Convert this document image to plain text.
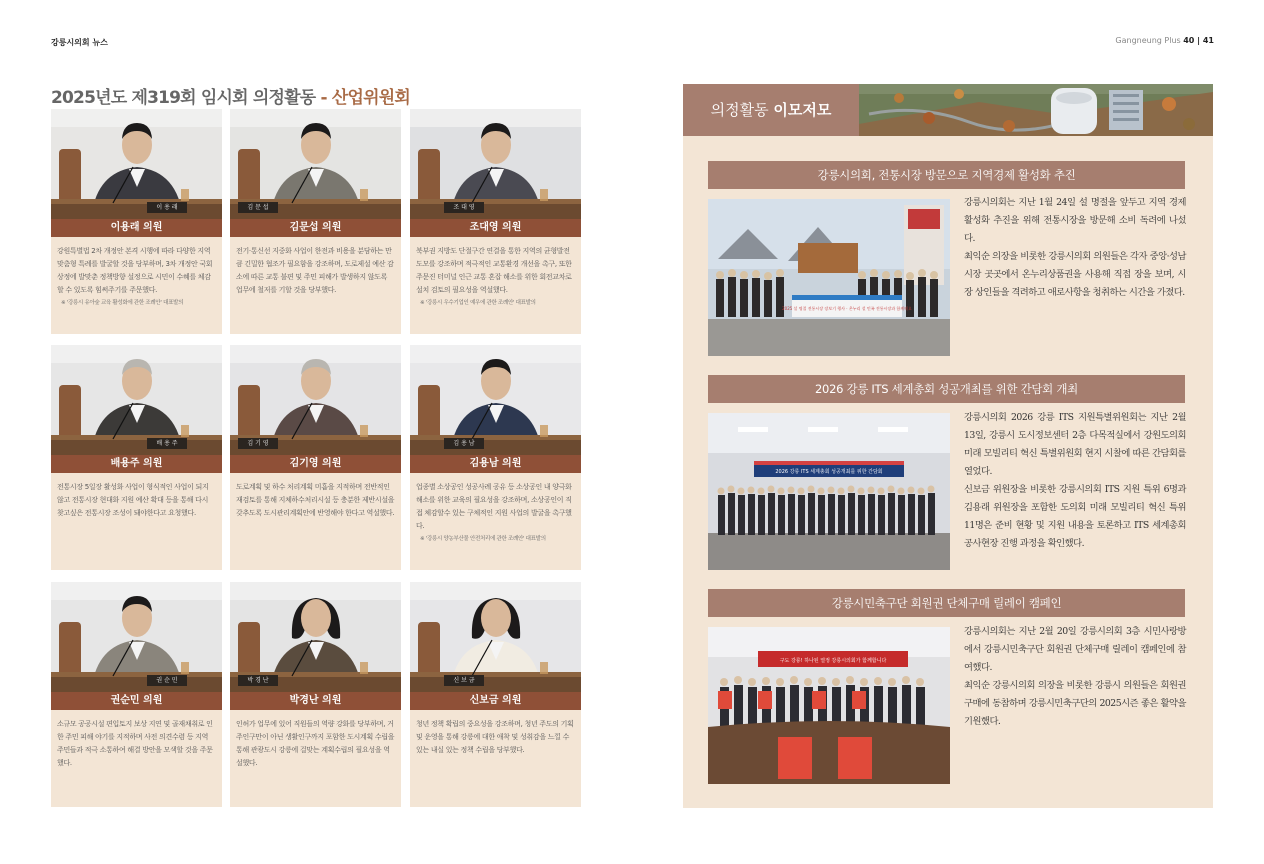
강릉시의회 뉴스	Gangneung Plus 40 | 41
2025년도 제319회 임시회 의정활동 - 산업위원회
이 용 래
이용래 의원
강원특별법 2차 개정안 본격 시행에 따라 다양한 지역맞춤형 특례를 발굴할 것을 당부하며, 3차 개정안 국회 상정에 발맞춘 정책방향 설정으로 시민이 수혜를 체감할 수 있도록 힘써주기를 주문했다.
※ '강릉시 유아숲 교육 활성화에 관한 조례안' 대표발의
김 문 섭
김문섭 의원
전기·통신선 지중화 사업이 한전과 비용을 분담하는 만큼 긴밀한 협조가 필요함을 강조하며, 도로제설 예산 감소에 따른 교통 불편 및 주민 피해가 발생하지 않도록 업무에 철저를 기할 것을 당부했다.
조 대 영
조대영 의원
북부권 지방도 단절구간 연결을 통한 지역의 균형발전 도모를 강조하며 적극적인 교통환경 개선을 촉구, 또한 주문진 터미널 인근 교통 혼잡 해소를 위한 회전교차로 설치 검토의 필요성을 역설했다.
※ '강릉시 우수기업인 예우에 관한 조례안' 대표발의
배 용 주
배용주 의원
전통시장 5일장 활성화 사업이 형식적인 사업이 되지 않고 전통시장 현대화 지원 예산 확대 등을 통해 다시 찾고싶은 전통시장 조성이 돼야한다고 요청했다.
김 기 영
김기영 의원
도로계획 및 하수 처리계획 미흡을 지적하며 전반적인 재검토를 통해 지체하수처리시설 등 충분한 제반시설을 갖추도록 도시관리계획안에 반영해야 한다고 역설했다.
김 용 남
김용남 의원
업종별 소상공인 성공사례 공유 등 소상공인 내 양극화 해소를 위한 교육의 필요성을 강조하며, 소상공인이 직접 체감할수 있는 구체적인 지원 사업의 발굴을 촉구했다.
※ '강릉시 양농부산물 안전처리에 관한 조례안' 대표발의
권 순 민
권순민 의원
소규모 공공시설 편입토지 보상 지연 및 골재채취로 인한 주민 피해 야기를 지적하며 사전 의견수렴 등 지역 주민들과 적극 소통하여 해결 방안을 모색할 것을 주문했다.
박 경 난
박경난 의원
인허가 업무에 있어 직원들의 역량 강화를 당부하며, 거주인구만이 아닌 생활인구까지 포함한 도시계획 수립을 통해 관광도시 강릉에 걸맞는 계획수립의 필요성을 역설했다.
신 보 금
신보금 의원
청년 정책 확립의 중요성을 강조하며, 청년 주도의 기획 및 운영을 통해 강릉에 대한 애착 및 성취감을 느낄 수 있는 내실 있는 정책 수립을 당부했다.
의정활동 이모저모
강릉시의회, 전통시장 방문으로 지역경제 활성화 추진
2025 설 명절 전통시장 장보기 행사 · 온누리 설 민족 전통시장과 함께해요

강릉시의회는 지난 1월 24일 설 명절을 앞두고 지역 경제 활성화 추진을 위해 전통시장을 방문해 소비 독려에 나섰다.

최익순 의장을 비롯한 강릉시의회 의원들은 각자 중앙·성남시장 곳곳에서 온누리상품권을 사용해 직접 장을 보며, 시장 상인들을 격려하고 애로사항을 청취하는 시간을 가졌다.

2026 강릉 ITS 세계총회 성공개최를 위한 간담회 개최
2026 강릉 ITS 세계총회 성공개최를 위한 간담회

강릉시의회 2026 강릉 ITS 지원특별위원회는 지난 2월 13일, 강릉시 도시정보센터 2층 다목적실에서 강원도의회 미래 모빌리티 혁신 특별위원회 현지 시찰에 따른 간담회를 열었다.

신보금 위원장을 비롯한 강릉시의회 ITS 지원 특위 6명과 김용래 위원장을 포함한 도의회 미래 모빌리티 혁신 특위 11명은 준비 현황 및 지원 내용을 토론하고 ITS 세계총회 공사현장 진행 과정을 확인했다.

강릉시민축구단 회원권 단체구매 릴레이 캠페인
구도 강릉! 하나된 열정 강릉시의회가 함께합니다

강릉시의회는 지난 2월 20일 강릉시의회 3층 시민사랑방에서 강릉시민축구단 회원권 단체구매 릴레이 캠페인에 참여했다.

최익순 강릉시의회 의장을 비롯한 강릉시 의원들은 회원권 구매에 동참하며 강릉시민축구단의 2025시즌 좋은 활약을 기원했다.
